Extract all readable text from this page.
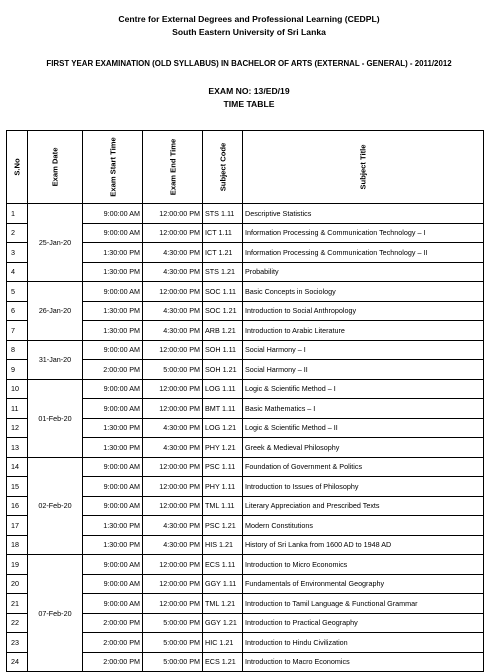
Centre for External Degrees and Professional Learning (CEDPL)
South Eastern University of Sri Lanka
FIRST YEAR EXAMINATION (OLD SYLLABUS) IN BACHELOR OF ARTS (EXTERNAL - GENERAL) - 2011/2012
EXAM NO: 13/ED/19
TIME TABLE
S.No	Exam Date	Exam Start Time	Exam End Time	Subject Code	Subject Title

1	25-Jan-20	9:00:00 AM	12:00:00 PM	STS 1.11	Descriptive Statistics
2		9:00:00 AM	12:00:00 PM	ICT 1.11	Information Processing & Communication Technology – I
3		1:30:00 PM	4:30:00 PM	ICT 1.21	Information Processing & Communication Technology – II
4		1:30:00 PM	4:30:00 PM	STS 1.21	Probability
5	26-Jan-20	9:00:00 AM	12:00:00 PM	SOC 1.11	Basic Concepts in Sociology
6		1:30:00 PM	4:30:00 PM	SOC 1.21	Introduction to Social Anthropology
7		1:30:00 PM	4:30:00 PM	ARB 1.21	Introduction to Arabic Literature
8	31-Jan-20	9:00:00 AM	12:00:00 PM	SOH 1.11	Social Harmony – I
9		2:00:00 PM	5:00:00 PM	SOH 1.21	Social Harmony – II
10	01-Feb-20	9:00:00 AM	12:00:00 PM	LOG 1.11	Logic & Scientific Method – I
11		9:00:00 AM	12:00:00 PM	BMT 1.11	Basic Mathematics – I
12		1:30:00 PM	4:30:00 PM	LOG 1.21	Logic & Scientific Method – II
13		1:30:00 PM	4:30:00 PM	PHY 1.21	Greek & Medieval Philosophy
14	02-Feb-20	9:00:00 AM	12:00:00 PM	PSC 1.11	Foundation of Government & Politics
15		9:00:00 AM	12:00:00 PM	PHY 1.11	Introduction to Issues of Philosophy
16		9:00:00 AM	12:00:00 PM	TML 1.11	Literary Appreciation and Prescribed Texts
17		1:30:00 PM	4:30:00 PM	PSC 1.21	Modern Constitutions
18		1:30:00 PM	4:30:00 PM	HIS 1.21	History of Sri Lanka from 1600 AD to 1948 AD
19	07-Feb-20	9:00:00 AM	12:00:00 PM	ECS 1.11	Introduction to Micro Economics
20		9:00:00 AM	12:00:00 PM	GGY 1.11	Fundamentals of Environmental Geography
21		9:00:00 AM	12:00:00 PM	TML 1.21	Introduction to Tamil Language & Functional Grammar
22		2:00:00 PM	5:00:00 PM	GGY 1.21	Introduction to Practical Geography
23		2:00:00 PM	5:00:00 PM	HIC 1.21	Introduction to Hindu Civilization
24		2:00:00 PM	5:00:00 PM	ECS 1.21	Introduction to Macro Economics
